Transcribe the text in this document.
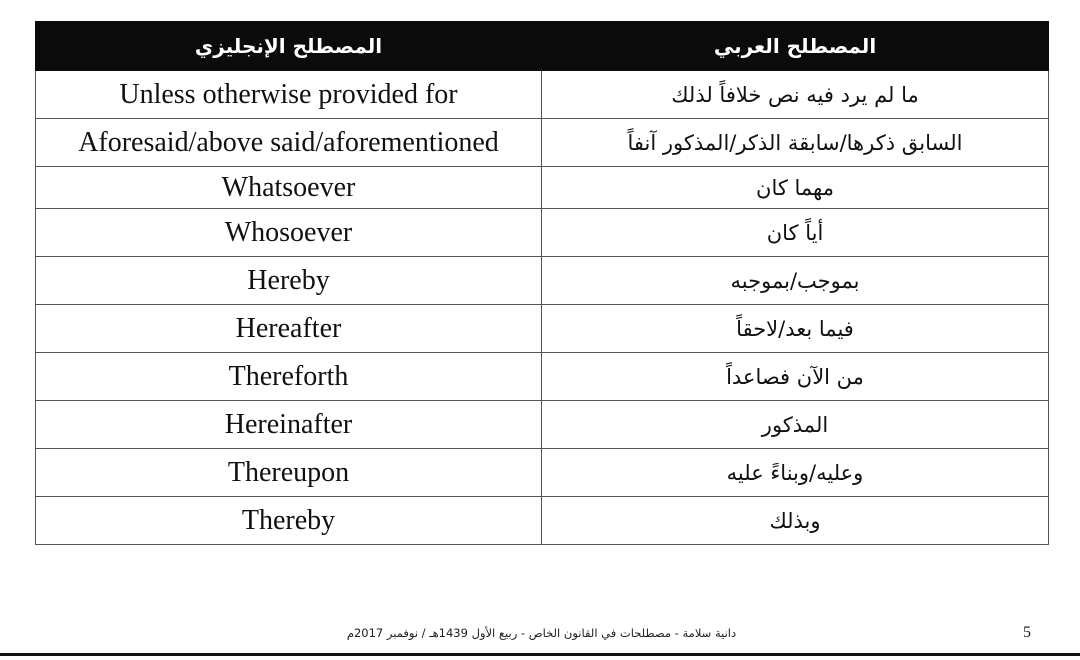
المصطلح الإنجليزي	المصطلح العربي
Unless otherwise provided for	ما لم يرد فيه نص خلافاً لذلك
Aforesaid/above said/aforementioned	السابق ذكرها/سابقة الذكر/المذكور آنفاً
Whatsoever	مهما كان
Whosoever	أياً كان
Hereby	بموجب/بموجبه
Hereafter	فيما بعد/لاحقاً
Thereforth	من الآن فصاعداً
Hereinafter	المذكور
Thereupon	وعليه/وبناءً عليه
Thereby	وبذلك
دانية سلامة - مصطلحات في القانون الخاص - ربيع الأول 1439هـ / نوفمبر 2017م	5
